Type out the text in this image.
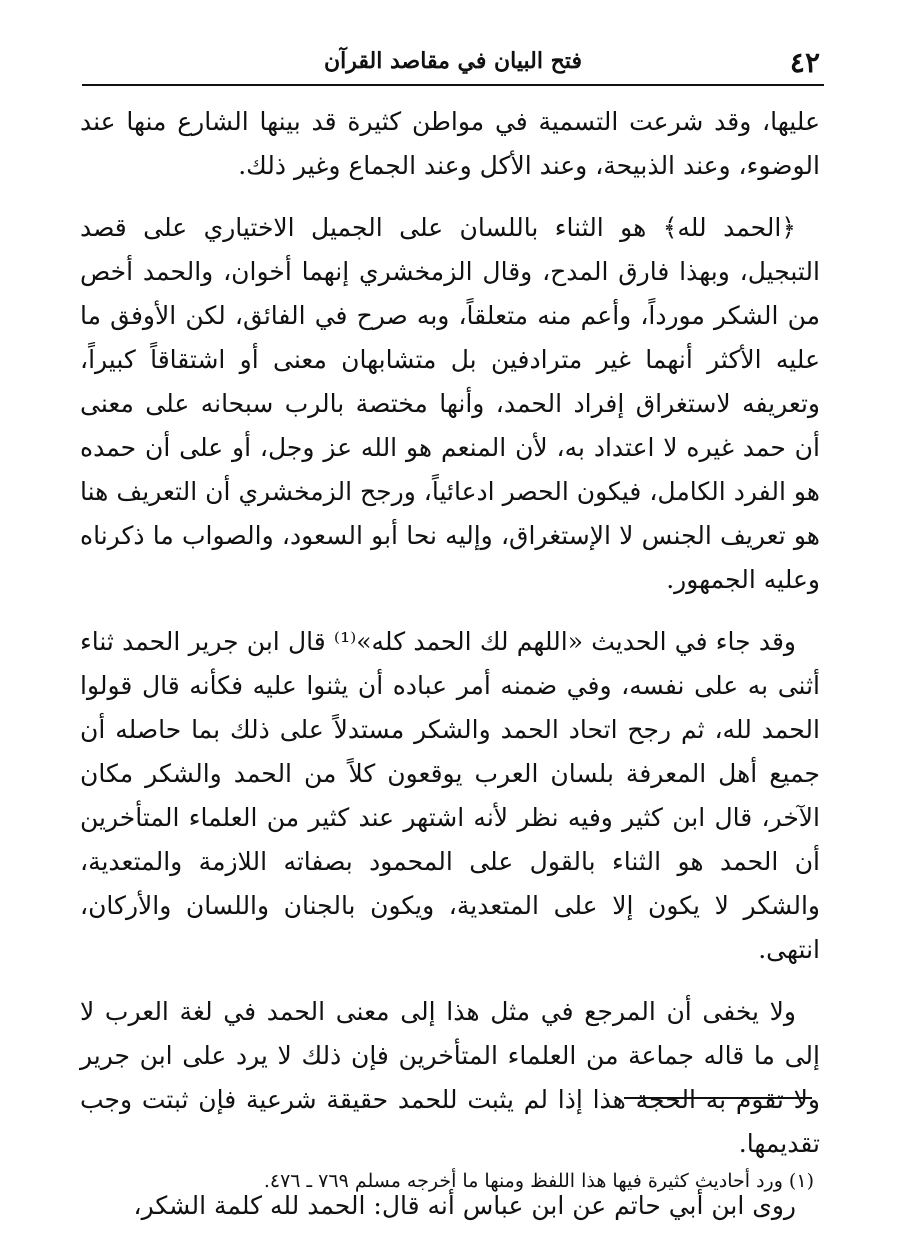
٤٢
فتح البيان في مقاصد القرآن

عليها، وقد شرعت التسمية في مواطن كثيرة قد بينها الشارع منها عند الوضوء، وعند الذبيحة، وعند الأكل وعند الجماع وغير ذلك.

﴿الحمد لله﴾ هو الثناء باللسان على الجميل الاختياري على قصد التبجيل، وبهذا فارق المدح، وقال الزمخشري إنهما أخوان، والحمد أخص من الشكر مورداً، وأعم منه متعلقاً، وبه صرح في الفائق، لكن الأوفق ما عليه الأكثر أنهما غير مترادفين بل متشابهان معنى أو اشتقاقاً كبيراً، وتعريفه لاستغراق إفراد الحمد، وأنها مختصة بالرب سبحانه على معنى أن حمد غيره لا اعتداد به، لأن المنعم هو الله عز وجل، أو على أن حمده هو الفرد الكامل، فيكون الحصر ادعائياً، ورجح الزمخشري أن التعريف هنا هو تعريف الجنس لا الإستغراق، وإليه نحا أبو السعود، والصواب ما ذكرناه وعليه الجمهور.

وقد جاء في الحديث «اللهم لك الحمد كله»⁽¹⁾ قال ابن جرير الحمد ثناء أثنى به على نفسه، وفي ضمنه أمر عباده أن يثنوا عليه فكأنه قال قولوا الحمد لله، ثم رجح اتحاد الحمد والشكر مستدلاً على ذلك بما حاصله أن جميع أهل المعرفة بلسان العرب يوقعون كلاً من الحمد والشكر مكان الآخر، قال ابن كثير وفيه نظر لأنه اشتهر عند كثير من العلماء المتأخرين أن الحمد هو الثناء بالقول على المحمود بصفاته اللازمة والمتعدية، والشكر لا يكون إلا على المتعدية، ويكون بالجنان واللسان والأركان، انتهى.

ولا يخفى أن المرجع في مثل هذا إلى معنى الحمد في لغة العرب لا إلى ما قاله جماعة من العلماء المتأخرين فإن ذلك لا يرد على ابن جرير ولا تقوم به الحجة هذا إذا لم يثبت للحمد حقيقة شرعية فإن ثبتت وجب تقديمها.

روى ابن أبي حاتم عن ابن عباس أنه قال: الحمد لله كلمة الشكر،

(١) ورد أحاديث كثيرة فيها هذا اللفظ ومنها ما أخرجه مسلم ٧٦٩ ـ ٤٧٦.
